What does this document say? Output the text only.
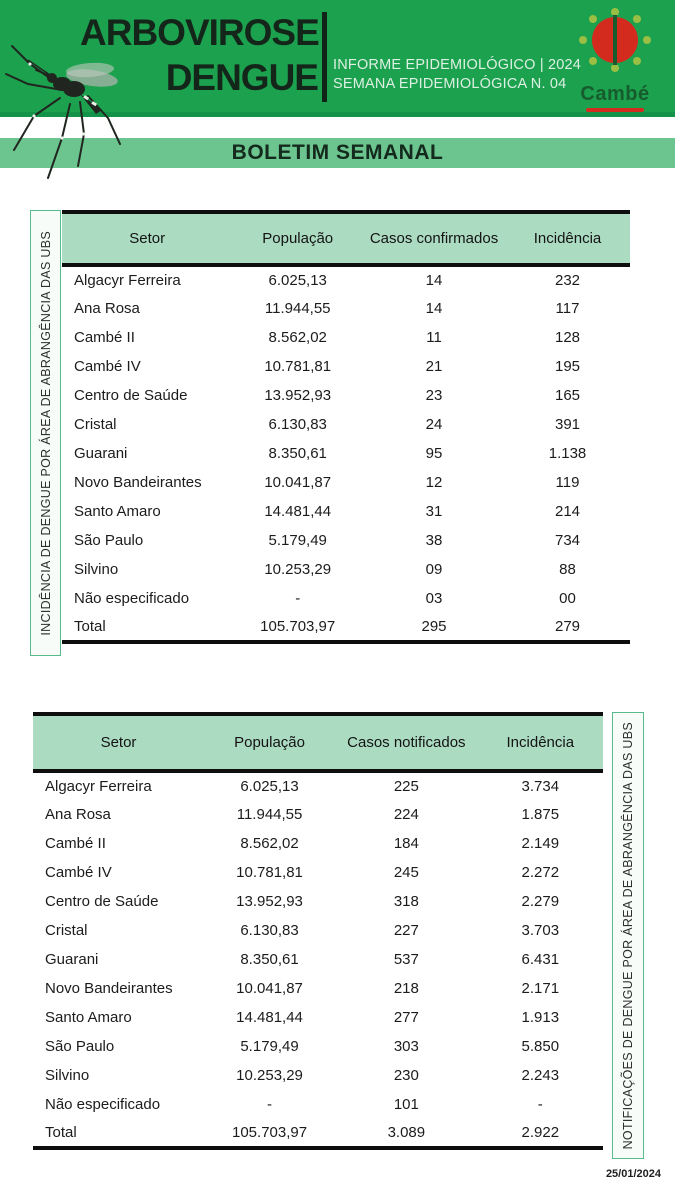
ARBOVIROSE
DENGUE INFORME EPIDEMIOLÓGICO | 2024
SEMANA EPIDEMIOLÓGICA N. 04 Cambé
BOLETIM SEMANAL
INCIDÊNCIA DE DENGUE POR ÁREA DE ABRANGÊNCIA DAS UBS	Setor	População	Casos confirmados	Incidência
Algacyr Ferreira	6.025,13	14	232
Ana Rosa	11.944,55	14	117
Cambé II	8.562,02	11	128
Cambé IV	10.781,81	21	195
Centro de Saúde	13.952,93	23	165
Cristal	6.130,83	24	391
Guarani	8.350,61	95	1.138
Novo Bandeirantes	10.041,87	12	119
Santo Amaro	14.481,44	31	214
São Paulo	5.179,49	38	734
Silvino	10.253,29	09	88
Não especificado	-	03	00
Total	105.703,97	295	279
Setor	População	Casos notificados	Incidência
Algacyr Ferreira	6.025,13	225	3.734
Ana Rosa	11.944,55	224	1.875
Cambé II	8.562,02	184	2.149
Cambé IV	10.781,81	245	2.272
Centro de Saúde	13.952,93	318	2.279
Cristal	6.130,83	227	3.703
Guarani	8.350,61	537	6.431
Novo Bandeirantes	10.041,87	218	2.171
Santo Amaro	14.481,44	277	1.913
São Paulo	5.179,49	303	5.850
Silvino	10.253,29	230	2.243
Não especificado	-	101	-
Total	105.703,97	3.089	2.922	NOTIFICAÇÕES DE DENGUE POR ÁREA DE ABRANGÊNCIA DAS UBS
25/01/2024
